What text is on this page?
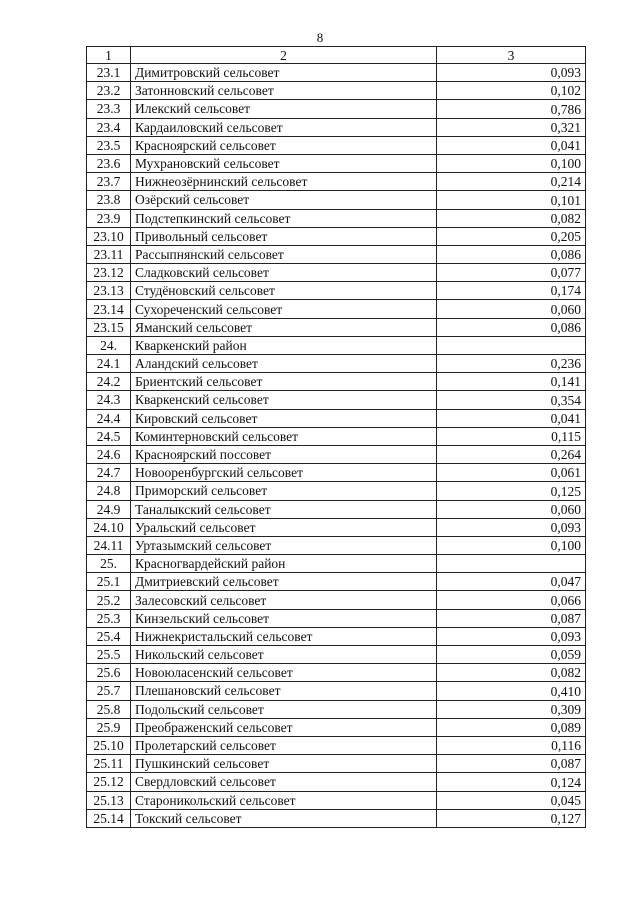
8
1	2	3
23.1	Димитровский сельсовет	0,093
23.2	Затонновский сельсовет	0,102
23.3	Илекский сельсовет	0,786
23.4	Кардаиловский сельсовет	0,321
23.5	Красноярский сельсовет	0,041
23.6	Мухрановский сельсовет	0,100
23.7	Нижнеозёрнинский сельсовет	0,214
23.8	Озёрский сельсовет	0,101
23.9	Подстепкинский сельсовет	0,082
23.10	Привольный сельсовет	0,205
23.11	Рассыпнянский сельсовет	0,086
23.12	Сладковский сельсовет	0,077
23.13	Студёновский сельсовет	0,174
23.14	Сухореченский сельсовет	0,060
23.15	Яманский сельсовет	0,086
24.	Кваркенский район	
24.1	Аландский сельсовет	0,236
24.2	Бриентский сельсовет	0,141
24.3	Кваркенский сельсовет	0,354
24.4	Кировский сельсовет	0,041
24.5	Коминтерновский сельсовет	0,115
24.6	Красноярский поссовет	0,264
24.7	Новооренбургский сельсовет	0,061
24.8	Приморский сельсовет	0,125
24.9	Таналыкский сельсовет	0,060
24.10	Уральский сельсовет	0,093
24.11	Уртазымский сельсовет	0,100
25.	Красногвардейский район	
25.1	Дмитриевский сельсовет	0,047
25.2	Залесовский сельсовет	0,066
25.3	Кинзельский сельсовет	0,087
25.4	Нижнекристальский сельсовет	0,093
25.5	Никольский сельсовет	0,059
25.6	Новоюласенский сельсовет	0,082
25.7	Плешановский сельсовет	0,410
25.8	Подольский сельсовет	0,309
25.9	Преображенский сельсовет	0,089
25.10	Пролетарский сельсовет	0,116
25.11	Пушкинский сельсовет	0,087
25.12	Свердловский сельсовет	0,124
25.13	Староникольский сельсовет	0,045
25.14	Токский сельсовет	0,127
